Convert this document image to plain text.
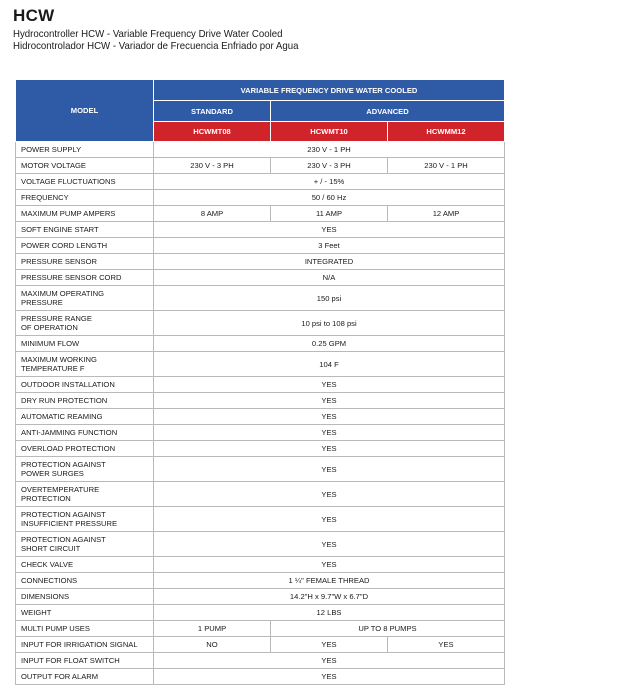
HCW
Hydrocontroller HCW - Variable Frequency Drive Water Cooled
Hidrocontrolador HCW - Variador de Frecuencia Enfriado por Agua
MODEL	VARIABLE FREQUENCY DRIVE WATER COOLED		
	STANDARD	ADVANCED	
	HCWMT08	HCWMT10	HCWMM12
POWER SUPPLY	230 V - 1 PH		
MOTOR VOLTAGE	230 V - 3 PH	230 V - 3 PH	230 V - 1 PH
VOLTAGE FLUCTUATIONS	+ / - 15%		
FREQUENCY	50 / 60 Hz		
MAXIMUM PUMP AMPERS	8 AMP	11 AMP	12 AMP
SOFT ENGINE START	YES		
POWER CORD LENGTH	3 Feet		
PRESSURE SENSOR	INTEGRATED		
PRESSURE SENSOR CORD	N/A		
MAXIMUM OPERATING
PRESSURE	150 psi		
PRESSURE RANGE
OF OPERATION	10 psi to 108 psi		
MINIMUM FLOW	0.25 GPM		
MAXIMUM WORKING
TEMPERATURE F	104 F		
OUTDOOR INSTALLATION	YES		
DRY RUN PROTECTION	YES		
AUTOMATIC REAMING	YES		
ANTI-JAMMING FUNCTION	YES		
OVERLOAD PROTECTION	YES		
PROTECTION AGAINST
POWER SURGES	YES		
OVERTEMPERATURE
PROTECTION	YES		
PROTECTION AGAINST
INSUFFICIENT PRESSURE	YES		
PROTECTION AGAINST
SHORT CIRCUIT	YES		
CHECK VALVE	YES		
CONNECTIONS	1 ¼" FEMALE THREAD		
DIMENSIONS	14.2"H x 9.7"W x 6.7"D		
WEIGHT	12 LBS		
MULTI PUMP USES	1 PUMP	UP TO 8 PUMPS	
INPUT FOR IRRIGATION SIGNAL	NO	YES	YES
INPUT FOR FLOAT SWITCH	YES		
OUTPUT FOR ALARM	YES		
